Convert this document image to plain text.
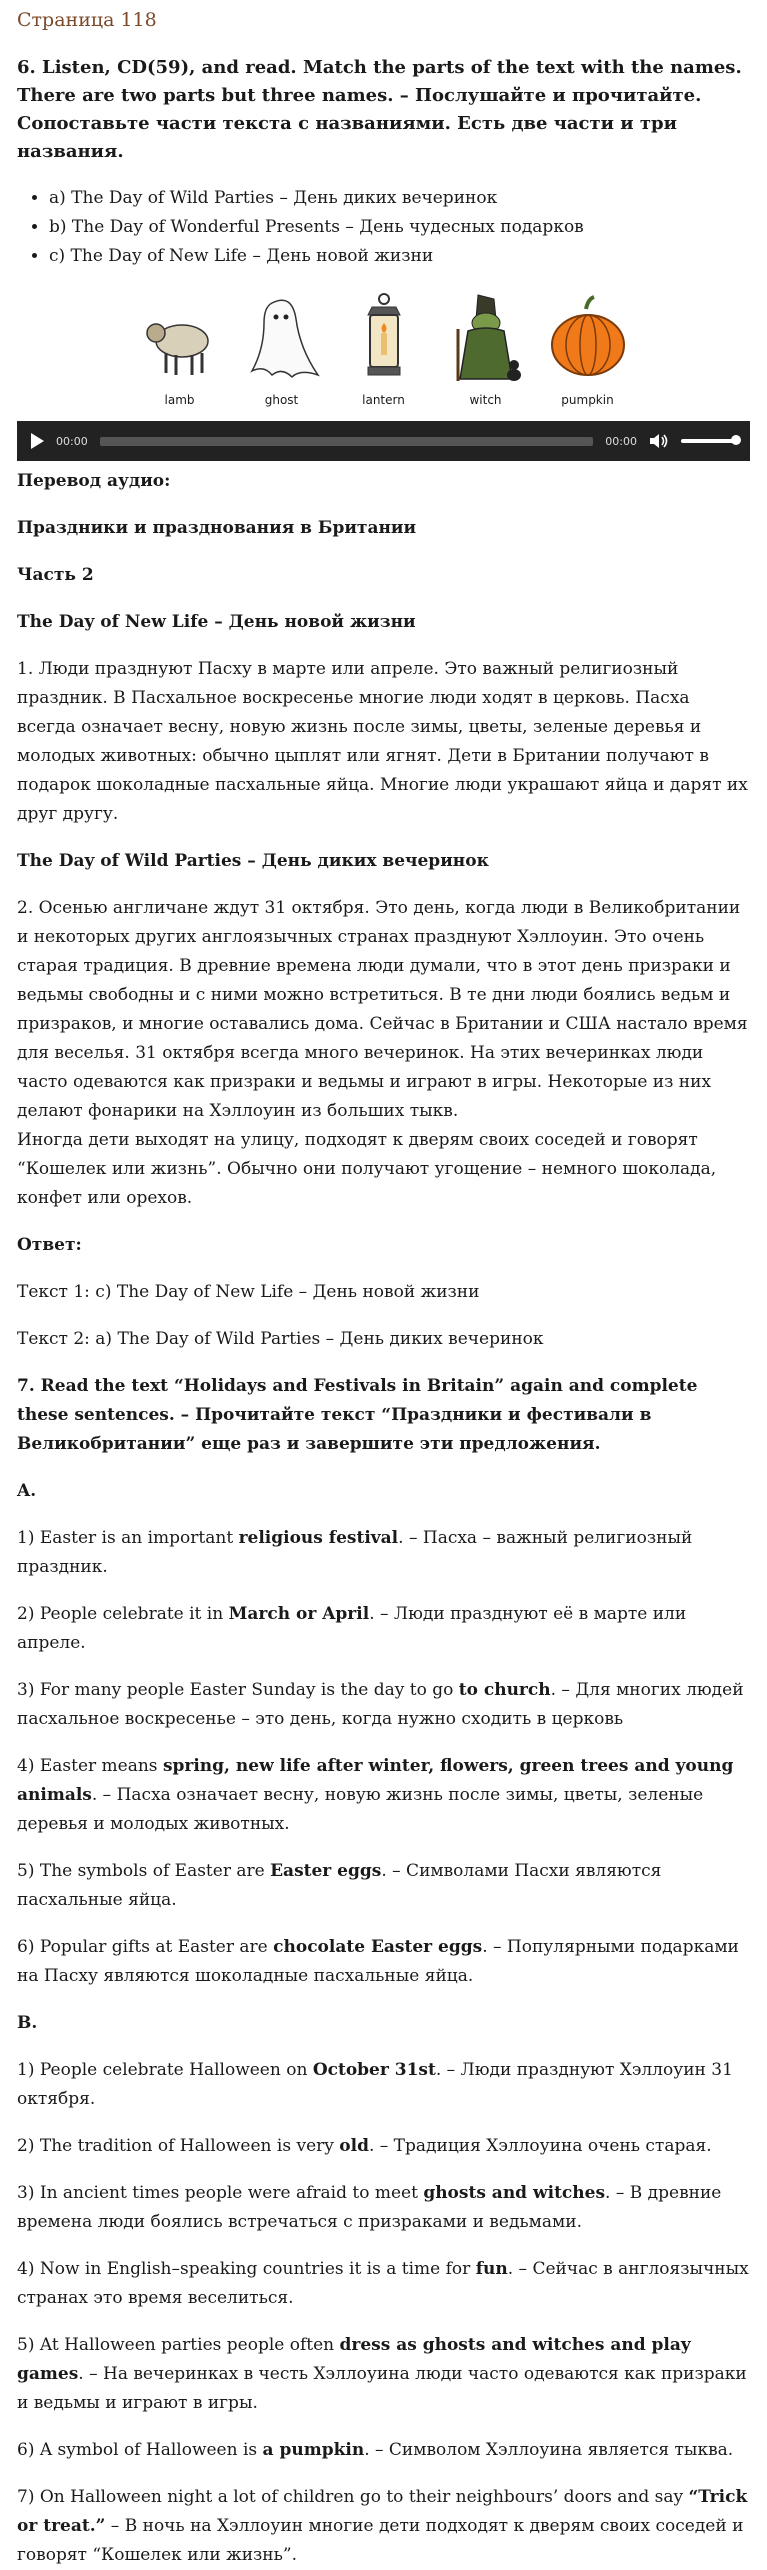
Страница 118
6. Listen, CD(59), and read. Match the parts of the text with the names. There are two parts but three names. – Послушайте и прочитайте. Сопоставьте части текста с названиями. Есть две части и три названия.
• a) The Day of Wild Parties – День диких вечеринок
• b) The Day of Wonderful Presents – День чудесных подарков
• c) The Day of New Life – День новой жизни
lamb	ghost	lantern	witch	pumpkin
00:00	00:00

Перевод аудио:

Праздники и празднования в Британии

Часть 2

The Day of New Life – День новой жизни

1. Люди празднуют Пасху в марте или апреле. Это важный религиозный праздник. В Пасхальное воскресенье многие люди ходят в церковь. Пасха всегда означает весну, новую жизнь после зимы, цветы, зеленые деревья и молодых животных: обычно цыплят или ягнят. Дети в Британии получают в подарок шоколадные пасхальные яйца. Многие люди украшают яйца и дарят их друг другу.

The Day of Wild Parties – День диких вечеринок

2. Осенью англичане ждут 31 октября. Это день, когда люди в Великобритании и некоторых других англоязычных странах празднуют Хэллоуин. Это очень старая традиция. В древние времена люди думали, что в этот день призраки и ведьмы свободны и с ними можно встретиться. В те дни люди боялись ведьм и призраков, и многие оставались дома. Сейчас в Британии и США настало время для веселья. 31 октября всегда много вечеринок. На этих вечеринках люди часто одеваются как призраки и ведьмы и играют в игры. Некоторые из них делают фонарики на Хэллоуин из больших тыкв.

Иногда дети выходят на улицу, подходят к дверям своих соседей и говорят “Кошелек или жизнь”. Обычно они получают угощение – немного шоколада, конфет или орехов.

Ответ:

Текст 1: c) The Day of New Life – День новой жизни

Текст 2: a) The Day of Wild Parties – День диких вечеринок

7. Read the text “Holidays and Festivals in Britain” again and complete these sentences. – Прочитайте текст “Праздники и фестивали в Великобритании” еще раз и завершите эти предложения.

A.

1) Easter is an important religious festival. – Пасха – важный религиозный праздник.

2) People celebrate it in March or April. – Люди празднуют её в марте или апреле.

3) For many people Easter Sunday is the day to go to church. – Для многих людей пасхальное воскресенье – это день, когда нужно сходить в церковь

4) Easter means spring, new life after winter, flowers, green trees and young animals. – Пасха означает весну, новую жизнь после зимы, цветы, зеленые деревья и молодых животных.

5) The symbols of Easter are Easter eggs. – Символами Пасхи являются пасхальные яйца.

6) Popular gifts at Easter are chocolate Easter eggs. – Популярными подарками на Пасху являются шоколадные пасхальные яйца.

B.

1) People celebrate Halloween on October 31st. – Люди празднуют Хэллоуин 31 октября.

2) The tradition of Halloween is very old. – Традиция Хэллоуина очень старая.

3) In ancient times people were afraid to meet ghosts and witches. – В древние времена люди боялись встречаться с призраками и ведьмами.

4) Now in English–speaking countries it is a time for fun. – Сейчас в англоязычных странах это время веселиться.

5) At Halloween parties people often dress as ghosts and witches and play games. – На вечеринках в честь Хэллоуина люди часто одеваются как призраки и ведьмы и играют в игры.

6) A symbol of Halloween is a pumpkin. – Символом Хэллоуина является тыква.

7) On Halloween night a lot of children go to their neighbours’ doors and say “Trick or treat.” – В ночь на Хэллоуин многие дети подходят к дверям своих соседей и говорят “Кошелек или жизнь”.
